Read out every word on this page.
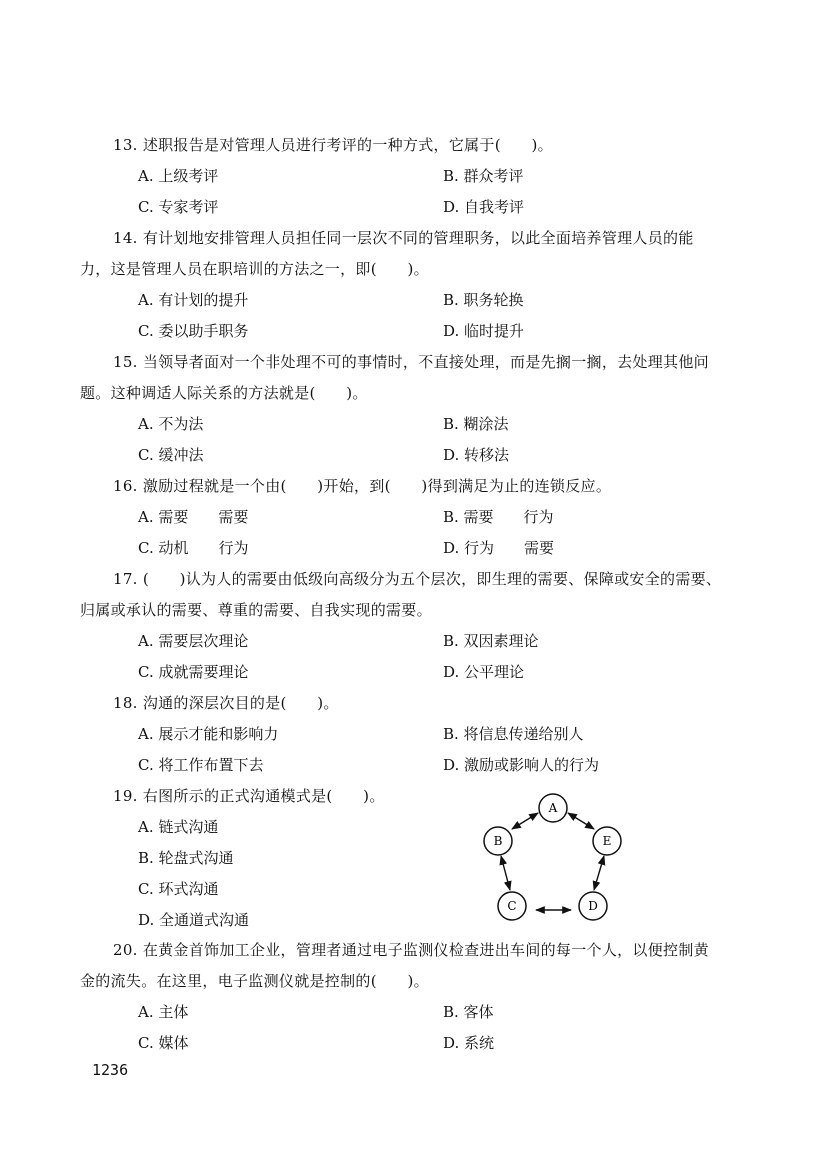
13. 述职报告是对管理人员进行考评的一种方式，它属于(　　)。
A. 上级考评	B. 群众考评
C. 专家考评	D. 自我考评
14. 有计划地安排管理人员担任同一层次不同的管理职务，以此全面培养管理人员的能
力，这是管理人员在职培训的方法之一，即(　　)。
A. 有计划的提升	B. 职务轮换
C. 委以助手职务	D. 临时提升
15. 当领导者面对一个非处理不可的事情时，不直接处理，而是先搁一搁，去处理其他问
题。这种调适人际关系的方法就是(　　)。
A. 不为法	B. 糊涂法
C. 缓冲法	D. 转移法
16. 激励过程就是一个由(　　)开始，到(　　)得到满足为止的连锁反应。
A. 需要　　需要	B. 需要　　行为
C. 动机　　行为	D. 行为　　需要
17. (　　)认为人的需要由低级向高级分为五个层次，即生理的需要、保障或安全的需要、
归属或承认的需要、尊重的需要、自我实现的需要。
A. 需要层次理论	B. 双因素理论
C. 成就需要理论	D. 公平理论
18. 沟通的深层次目的是(　　)。
A. 展示才能和影响力	B. 将信息传递给别人
C. 将工作布置下去	D. 激励或影响人的行为
19. 右图所示的正式沟通模式是(　　)。
A. 链式沟通
B. 轮盘式沟通
C. 环式沟通
D. 全通道式沟通
A
B
C	D
E
20. 在黄金首饰加工企业，管理者通过电子监测仪检查进出车间的每一个人，以便控制黄
金的流失。在这里，电子监测仪就是控制的(　　)。
A. 主体	B. 客体
C. 媒体	D. 系统
1236
